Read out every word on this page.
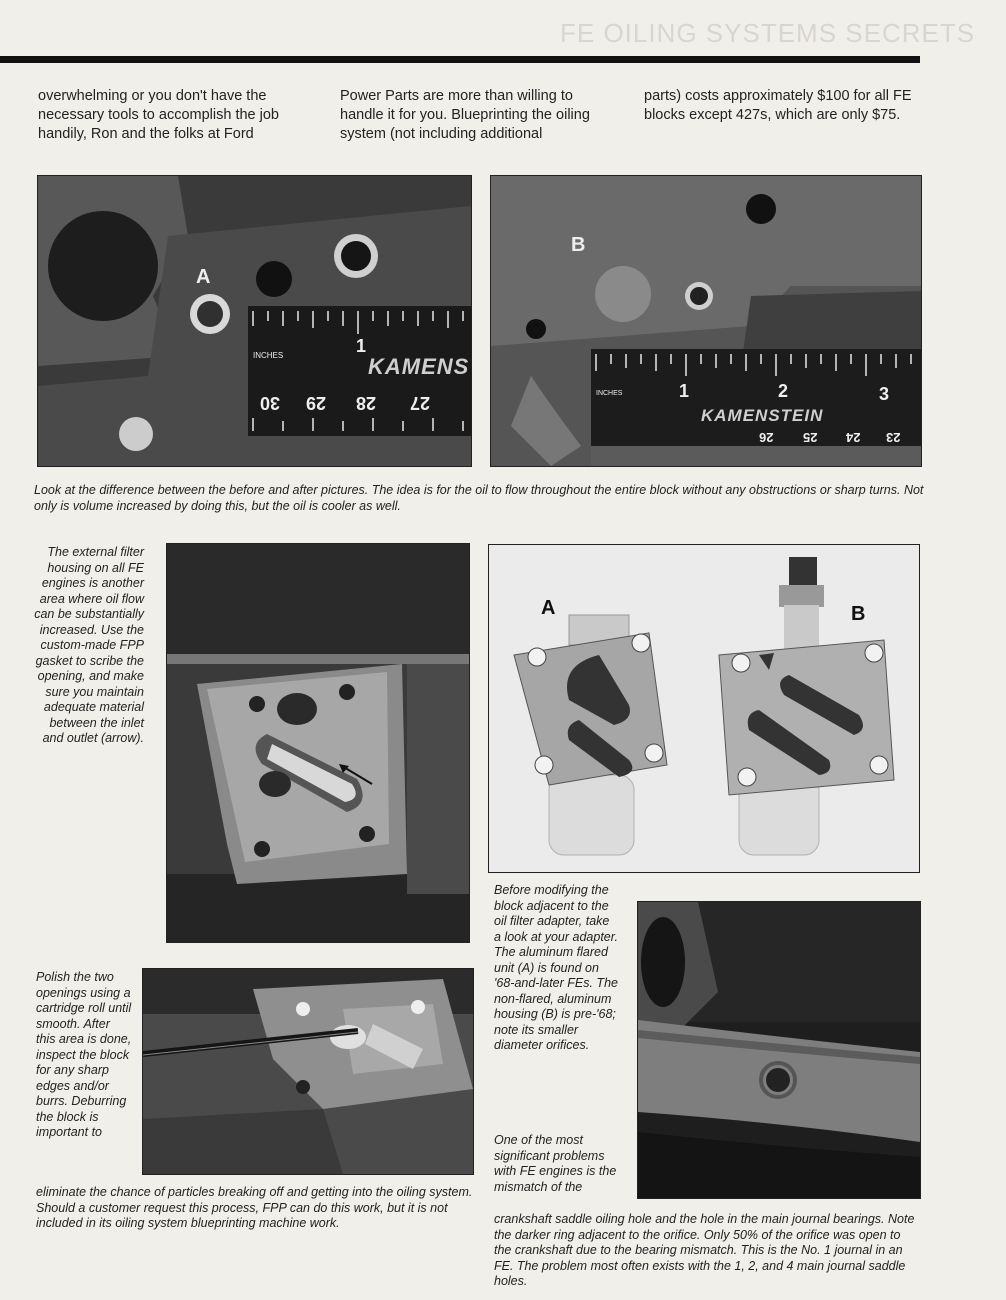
FE OILING SYSTEMS SECRETS
overwhelming or you don't have the necessary tools to accomplish the job handily, Ron and the folks at Ford
Power Parts are more than willing to handle it for you. Blueprinting the oiling system (not including additional
parts) costs approximately $100 for all FE blocks except 427s, which are only $75.
A
INCHES	1
KAMENS
30 29 28 27
B
INCHES	1	2	3
KAMENSTEIN
26 25 24 23
Look at the difference between the before and after pictures. The idea is for the oil to flow throughout the entire block without any obstructions or sharp turns. Not only is volume increased by doing this, but the oil is cooler as well.
The external filter housing on all FE engines is another area where oil flow can be substantially increased. Use the custom-made FPP gasket to scribe the opening, and make sure you maintain adequate material between the inlet and outlet (arrow).
A	B
Polish the two openings using a cartridge roll until smooth. After this area is done, inspect the block for any sharp edges and/or burrs. Deburring the block is important to
eliminate the chance of particles breaking off and getting into the oiling system. Should a customer request this process, FPP can do this work, but it is not included in its oiling system blueprinting machine work.
Before modifying the block adjacent to the oil filter adapter, take a look at your adapter. The aluminum flared unit (A) is found on '68-and-later FEs. The non-flared, aluminum housing (B) is pre-'68; note its smaller diameter orifices.
One of the most significant problems with FE engines is the mismatch of the
crankshaft saddle oiling hole and the hole in the main journal bearings. Note the darker ring adjacent to the orifice. Only 50% of the orifice was open to the crankshaft due to the bearing mismatch. This is the No. 1 journal in an FE. The problem most often exists with the 1, 2, and 4 main journal saddle holes.
